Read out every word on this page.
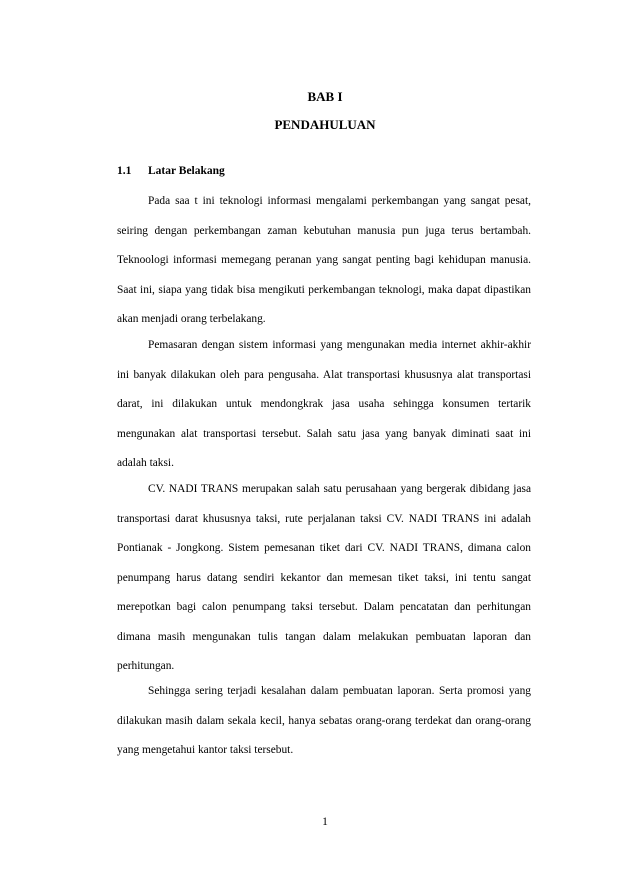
BAB I
PENDAHULUAN
1.1 Latar Belakang

Pada saa t ini teknologi informasi mengalami perkembangan yang sangat pesat, seiring dengan perkembangan zaman kebutuhan manusia pun juga terus bertambah. Teknoologi informasi memegang peranan yang sangat penting bagi kehidupan manusia. Saat ini, siapa yang tidak bisa mengikuti perkembangan teknologi, maka dapat dipastikan akan menjadi orang terbelakang.

Pemasaran dengan sistem informasi yang mengunakan media internet akhir-akhir ini banyak dilakukan oleh para pengusaha. Alat transportasi khususnya alat transportasi darat, ini dilakukan untuk mendongkrak jasa usaha sehingga konsumen tertarik mengunakan alat transportasi tersebut. Salah satu jasa yang banyak diminati saat ini adalah taksi.

CV. NADI TRANS merupakan salah satu perusahaan yang bergerak dibidang jasa transportasi darat khususnya taksi, rute perjalanan taksi CV. NADI TRANS ini adalah Pontianak - Jongkong. Sistem pemesanan tiket dari CV. NADI TRANS, dimana calon penumpang harus datang sendiri kekantor dan memesan tiket taksi, ini tentu sangat merepotkan bagi calon penumpang taksi tersebut. Dalam pencatatan dan perhitungan dimana masih mengunakan tulis tangan dalam melakukan pembuatan laporan dan perhitungan.

Sehingga sering terjadi kesalahan dalam pembuatan laporan. Serta promosi yang dilakukan masih dalam sekala kecil, hanya sebatas orang-orang terdekat dan orang-orang yang mengetahui kantor taksi tersebut.

1
